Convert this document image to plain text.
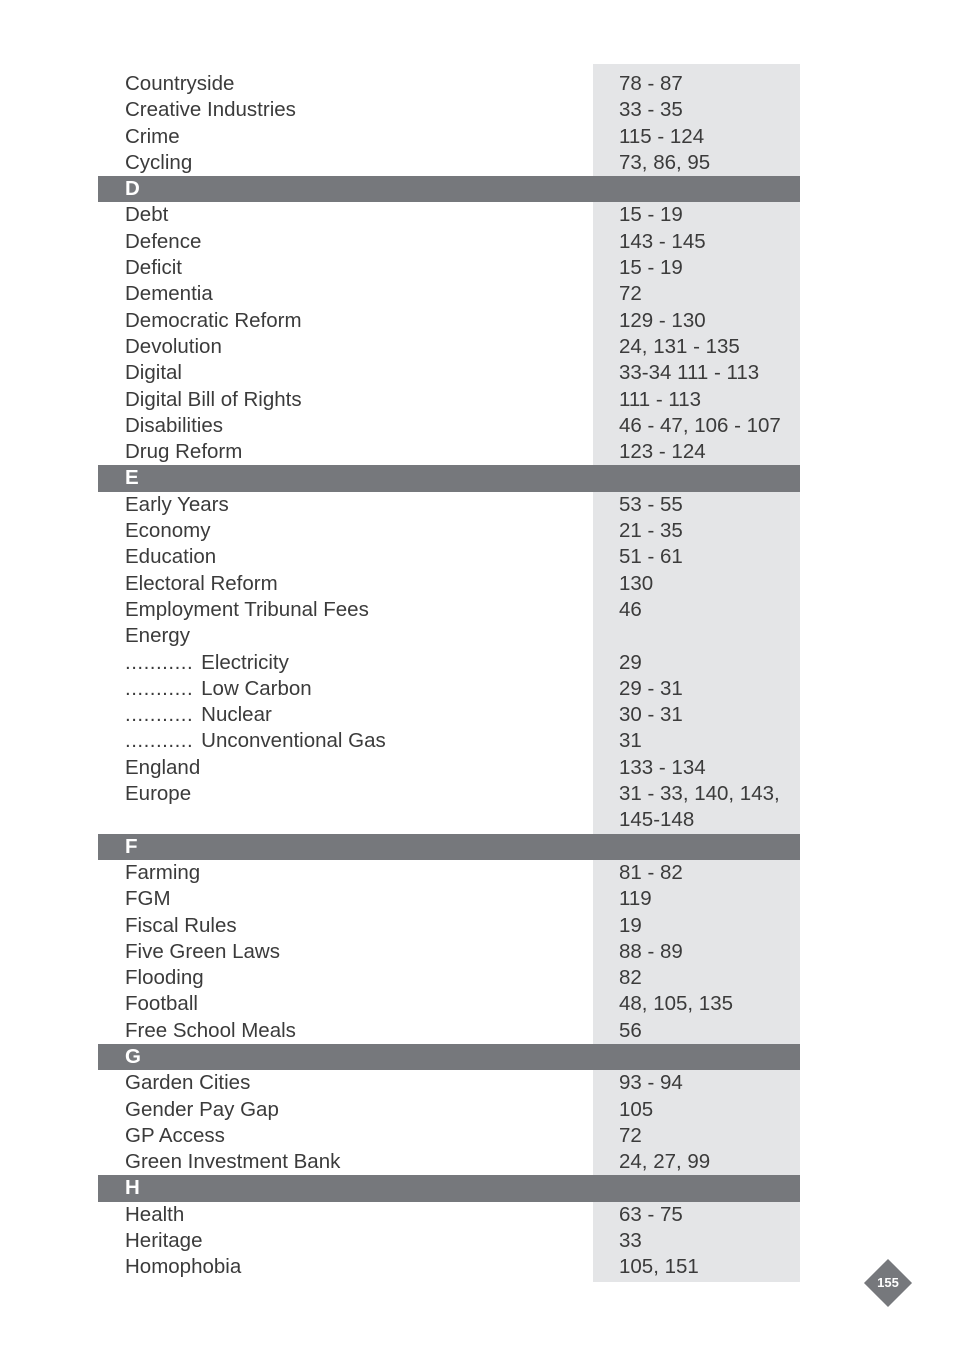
Countryside	78 - 87
Creative Industries	33 - 35
Crime	115 - 124
Cycling	73, 86, 95
D
Debt	15 - 19
Defence	143 - 145
Deficit	15 - 19
Dementia	72
Democratic Reform	129 - 130
Devolution	24, 131 - 135
Digital	33-34 111 - 113
Digital Bill of Rights	111 - 113
Disabilities	46 - 47, 106 - 107
Drug Reform	123 - 124
E
Early Years	53 - 55
Economy	21 - 35
Education	51 - 61
Electoral Reform	130
Employment Tribunal Fees	46
Energy
........... Electricity	29
........... Low Carbon	29 - 31
........... Nuclear	30 - 31
........... Unconventional Gas	31
England	133 - 134
Europe	31 - 33, 140, 143,
145-148
F
Farming	81 - 82
FGM	119
Fiscal Rules	19
Five Green Laws	88 - 89
Flooding	82
Football	48, 105, 135
Free School Meals	56
G
Garden Cities	93 - 94
Gender Pay Gap	105
GP Access	72
Green Investment Bank	24, 27, 99
H
Health	63 - 75
Heritage	33
Homophobia	105, 151
155
